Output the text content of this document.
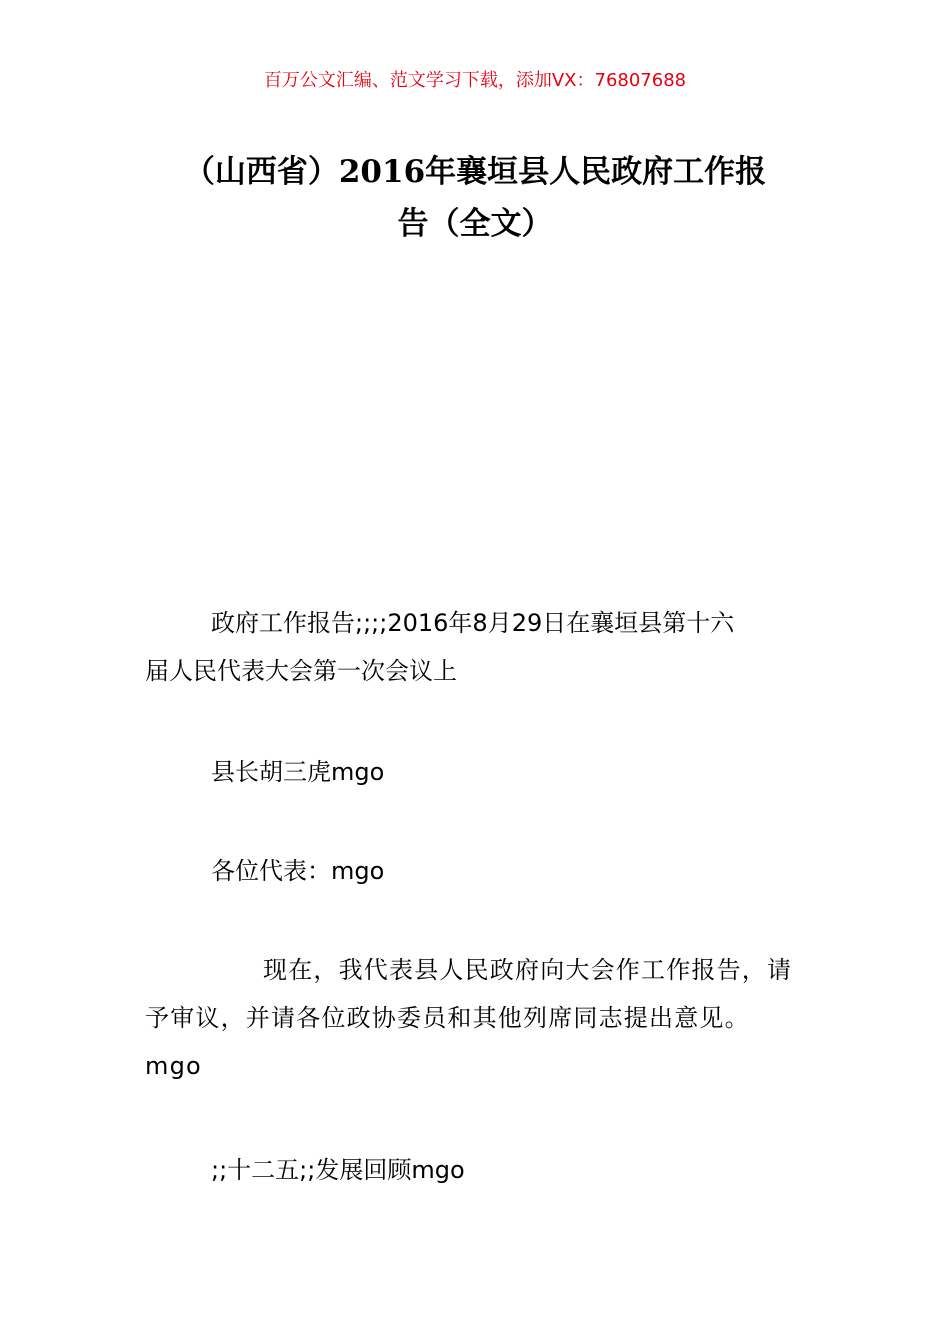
百万公文汇编、范文学习下载，添加VX：76807688
（山西省）2016年襄垣县人民政府工作报
告（全文）
政府工作报告;;;;2016年8月29日在襄垣县第十六
届人民代表大会第一次会议上
县长胡三虎mgo
各位代表：mgo
现在，我代表县人民政府向大会作工作报告，请
予审议，并请各位政协委员和其他列席同志提出意见。
mgo
;;十二五;;发展回顾mgo
